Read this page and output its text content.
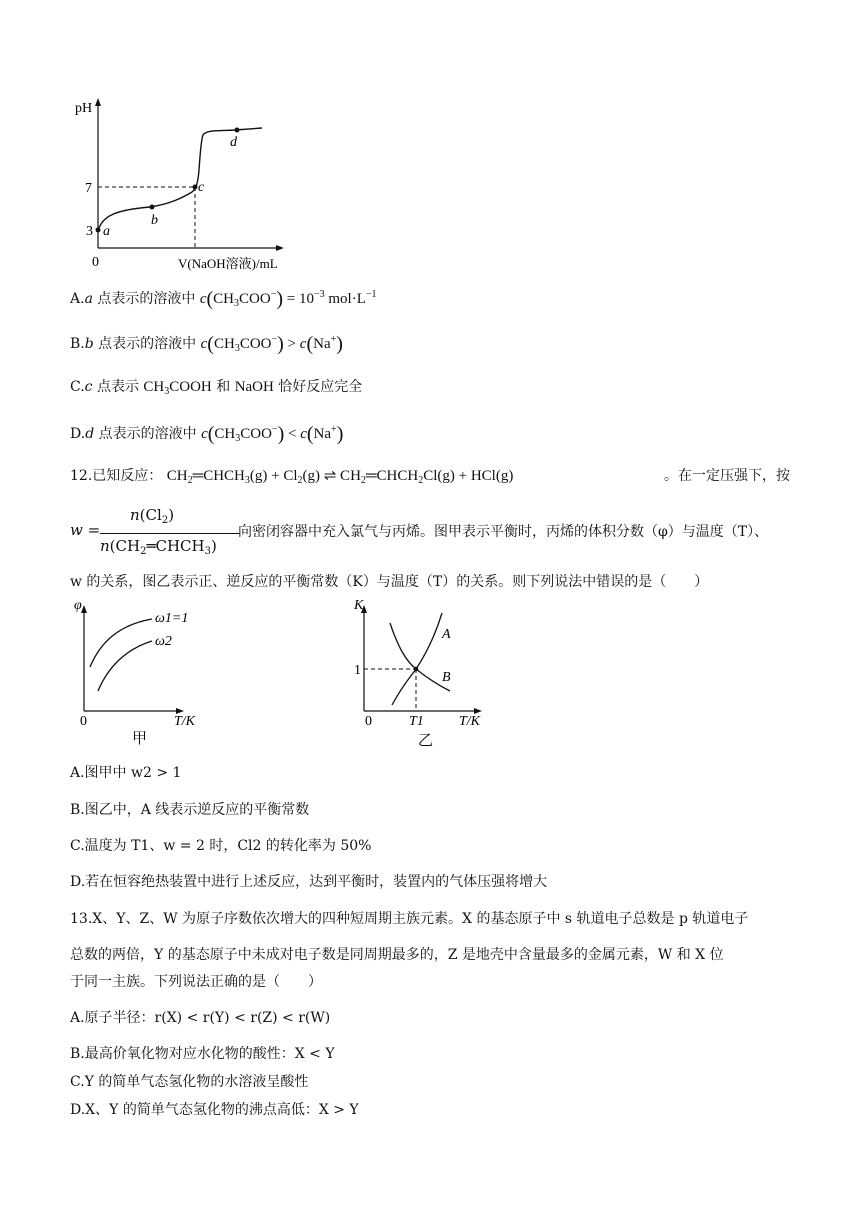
pH
7
3
0	V(NaOH溶液)/mL
a
b
c
d
A.a 点表示的溶液中 $c(CH_3COO^-) = 10^{-3}$ $mol\cdot L^{-1}$
B.b 点表示的溶液中 $c(CH_3COO^-) > c(Na^+)$
C.c 点表示 $CH_3COOH$ 和 NaOH 恰好反应完全
D.d 点表示的溶液中 $c(CH_3COO^-) < c(Na^+)$
12.已知反应： $CH_2═CHCH_3(g) + Cl_2(g)$ ⇌ $CH_2═CHCH_2Cl(g) + HCl(g)$	。在一定压强下，按
w =
$n(Cl_2)$
$n(CH_2═CHCH_3)$
向密闭容器中充入氯气与丙烯。图甲表示平衡时，丙烯的体积分数（φ）与温度（T）、
w 的关系，图乙表示正、逆反应的平衡常数（K）与温度（T）的关系。则下列说法中错误的是（　　）
φ
ω1=1
ω2
0	T/K
甲
K
1
A
B
0	T1	T/K
乙
A.图甲中 w2 > 1
B.图乙中，A 线表示逆反应的平衡常数
C.温度为 T1、w = 2 时，Cl2 的转化率为 50%
D.若在恒容绝热装置中进行上述反应，达到平衡时，装置内的气体压强将增大
13.X、Y、Z、W 为原子序数依次增大的四种短周期主族元素。X 的基态原子中 s 轨道电子总数是 p 轨道电子
总数的两倍，Y 的基态原子中未成对电子数是同周期最多的，Z 是地壳中含量最多的金属元素，W 和 X 位
于同一主族。下列说法正确的是（　　）
A.原子半径：r(X) < r(Y) < r(Z) < r(W)
B.最高价氧化物对应水化物的酸性：X < Y
C.Y 的简单气态氢化物的水溶液呈酸性
D.X、Y 的简单气态氢化物的沸点高低：X > Y
